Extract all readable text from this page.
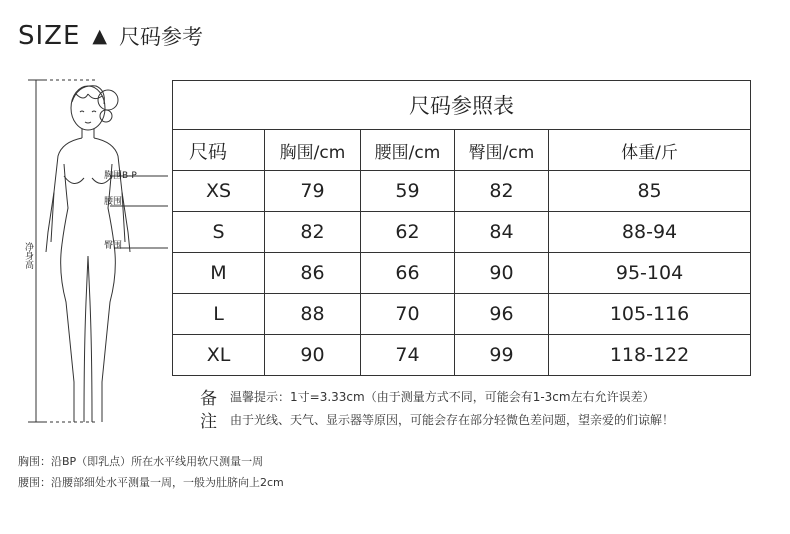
SIZE ▲ 尺码参考
净身高
胸围B-P
腰围
臀围
尺码参照表				
尺码	胸围/cm	腰围/cm	臀围/cm	体重/斤
XS	79	59	82	85
S	82	62	84	88-94
M	86	66	90	95-104
L	88	70	96	105-116
XL	90	74	99	118-122
备	温馨提示：1寸=3.33cm（由于测量方式不同，可能会有1-3cm左右允许误差）
注	由于光线、天气、显示器等原因，可能会存在部分轻微色差问题，望亲爱的们谅解！
胸围：沿BP（即乳点）所在水平线用软尺测量一周
腰围：沿腰部细处水平测量一周，一般为肚脐向上2cm
